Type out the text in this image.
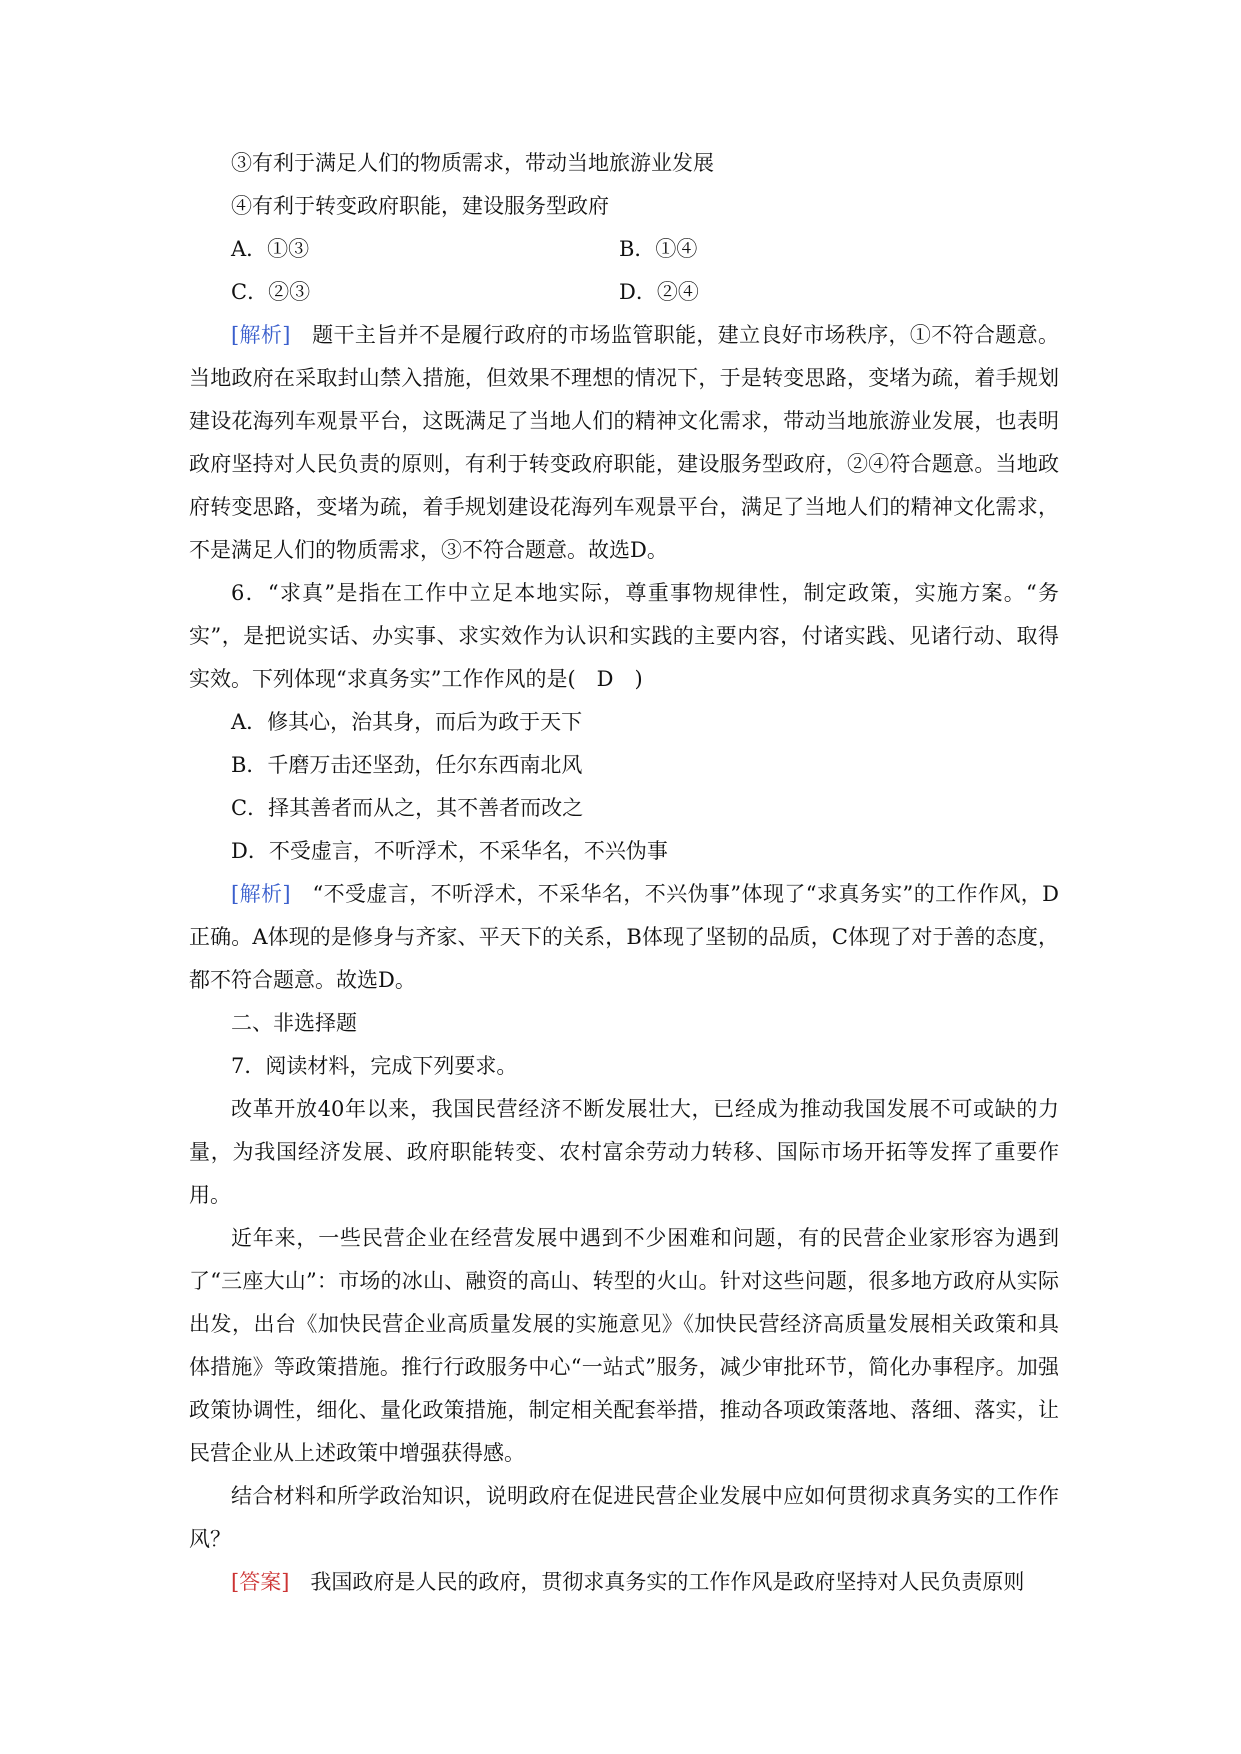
③有利于满足人们的物质需求，带动当地旅游业发展
④有利于转变政府职能，建设服务型政府
A．①③	B．①④
C．②③	D．②④
[解析]　题干主旨并不是履行政府的市场监管职能，建立良好市场秩序，①不符合题意。当地政府在采取封山禁入措施，但效果不理想的情况下，于是转变思路，变堵为疏，着手规划建设花海列车观景平台，这既满足了当地人们的精神文化需求，带动当地旅游业发展，也表明政府坚持对人民负责的原则，有利于转变政府职能，建设服务型政府，②④符合题意。当地政府转变思路，变堵为疏，着手规划建设花海列车观景平台，满足了当地人们的精神文化需求，不是满足人们的物质需求，③不符合题意。故选D。
6．“求真”是指在工作中立足本地实际，尊重事物规律性，制定政策，实施方案。“务实”，是把说实话、办实事、求实效作为认识和实践的主要内容，付诸实践、见诸行动、取得实效。下列体现“求真务实”工作作风的是(　D　)
A．修其心，治其身，而后为政于天下
B．千磨万击还坚劲，任尔东西南北风
C．择其善者而从之，其不善者而改之
D．不受虚言，不听浮术，不采华名，不兴伪事
[解析]　“不受虚言，不听浮术，不采华名，不兴伪事”体现了“求真务实”的工作作风，D正确。A体现的是修身与齐家、平天下的关系，B体现了坚韧的品质，C体现了对于善的态度，都不符合题意。故选D。
二、非选择题
7．阅读材料，完成下列要求。
改革开放40年以来，我国民营经济不断发展壮大，已经成为推动我国发展不可或缺的力量，为我国经济发展、政府职能转变、农村富余劳动力转移、国际市场开拓等发挥了重要作用。
近年来，一些民营企业在经营发展中遇到不少困难和问题，有的民营企业家形容为遇到了“三座大山”：市场的冰山、融资的高山、转型的火山。针对这些问题，很多地方政府从实际出发，出台《加快民营企业高质量发展的实施意见》《加快民营经济高质量发展相关政策和具体措施》等政策措施。推行行政服务中心“一站式”服务，减少审批环节，简化办事程序。加强政策协调性，细化、量化政策措施，制定相关配套举措，推动各项政策落地、落细、落实，让民营企业从上述政策中增强获得感。
结合材料和所学政治知识，说明政府在促进民营企业发展中应如何贯彻求真务实的工作作风？
[答案]　我国政府是人民的政府，贯彻求真务实的工作作风是政府坚持对人民负责原则
